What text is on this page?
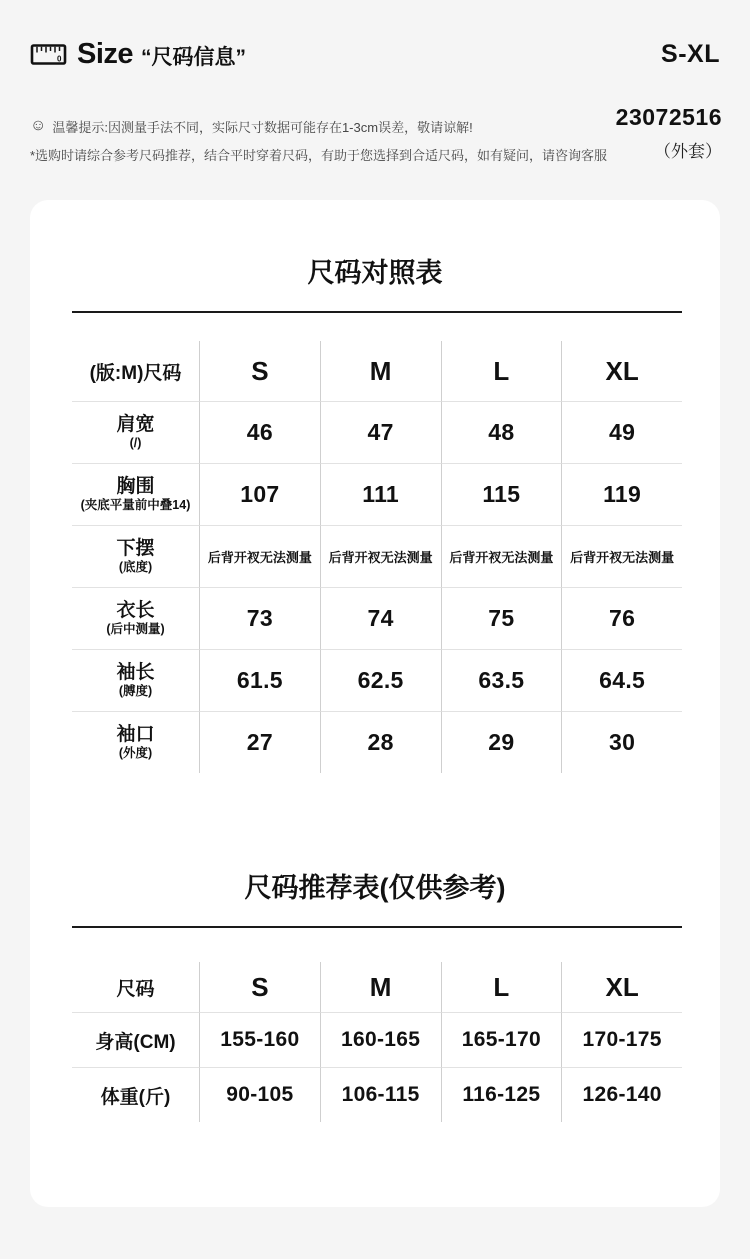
0 Size “尺码信息”	S-XL
23072516
（外套）
☺ 温馨提示:因测量手法不同，实际尺寸数据可能存在1-3cm误差，敬请谅解!
*选购时请综合参考尺码推荐，结合平时穿着尺码，有助于您选择到合适尺码，如有疑问，请咨询客服
尺码对照表
(版:M)尺码	S	M	L	XL
肩宽
(/)	46	47	48	49
胸围
(夹底平量前中叠14)	107	111	115	119
下摆
(底度)
后背开衩无法测量	后背开衩无法测量	后背开衩无法测量	后背开衩无法测量
衣长
(后中测量)	73	74	75	76
袖长
(膊度)	61.5	62.5	63.5	64.5
袖口
(外度)	27	28	29	30
尺码推荐表(仅供参考)
尺码	S	M	L	XL
身高(CM)	155-160	160-165	165-170	170-175
体重(斤)	90-105	106-115	116-125	126-140
